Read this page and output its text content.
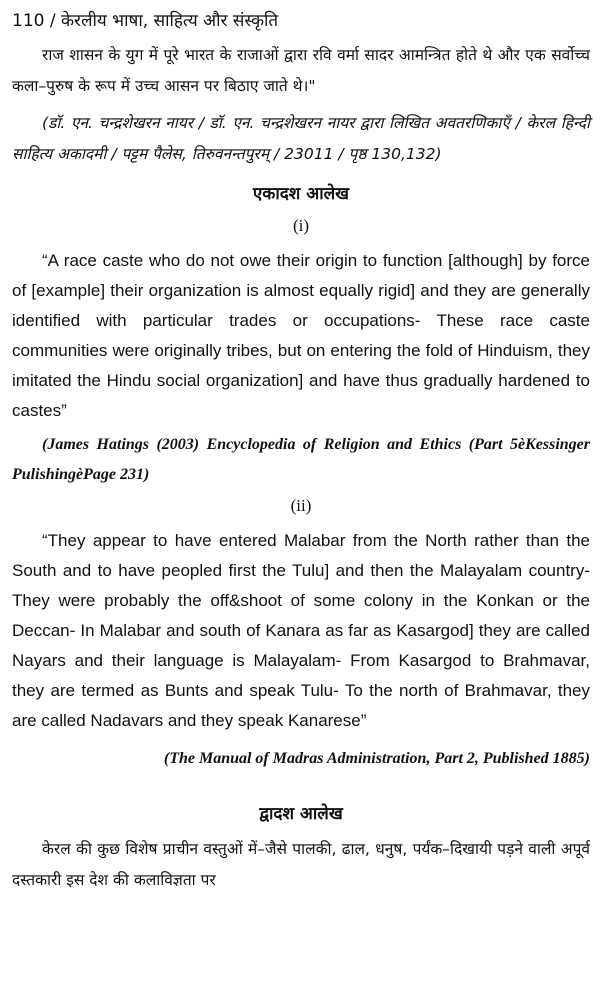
110 / केरलीय भाषा, साहित्य और संस्कृति

राज शासन के युग में पूरे भारत के राजाओं द्वारा रवि वर्मा सादर आमन्त्रित होते थे और एक सर्वोच्च कला–पुरुष के रूप में उच्च आसन पर बिठाए जाते थे।"

(डॉ. एन. चन्द्रशेखरन नायर / डॉ. एन. चन्द्रशेखरन नायर द्वारा लिखित अवतरणिकाएँ / केरल हिन्दी साहित्य अकादमी / पट्टम पैलेस, तिरुवनन्तपुरम् / 23011 / पृष्ठ 130,132)

एकादश आलेख
(i)

“A race caste who do not owe their origin to function [although] by force of [example] their organization is almost equally rigid] and they are generally identified with particular trades or occupations- These race caste communities were originally tribes, but on entering the fold of Hinduism, they imitated the Hindu social organization] and have thus gradually hardened to castes”

(James Hatings (2003) Encyclopedia of Religion and Ethics (Part 5èKessinger PulishingèPage 231)

(ii)

“They appear to have entered Malabar from the North rather than the South and to have peopled first the Tulu] and then the Malayalam country- They were probably the off&shoot of some colony in the Konkan or the Deccan- In Malabar and south of Kanara as far as Kasargod] they are called Nayars and their language is Malayalam- From Kasargod to Brahmavar, they are termed as Bunts and speak Tulu- To the north of Brahmavar, they are called Nadavars and they speak Kanarese”

(The Manual of Madras Administration, Part 2, Published 1885)

द्वादश आलेख

केरल की कुछ विशेष प्राचीन वस्तुओं में–जैसे पालकी, ढाल, धनुष, पर्यंक–दिखायी पड़ने वाली अपूर्व दस्तकारी इस देश की कलाविज्ञता पर
